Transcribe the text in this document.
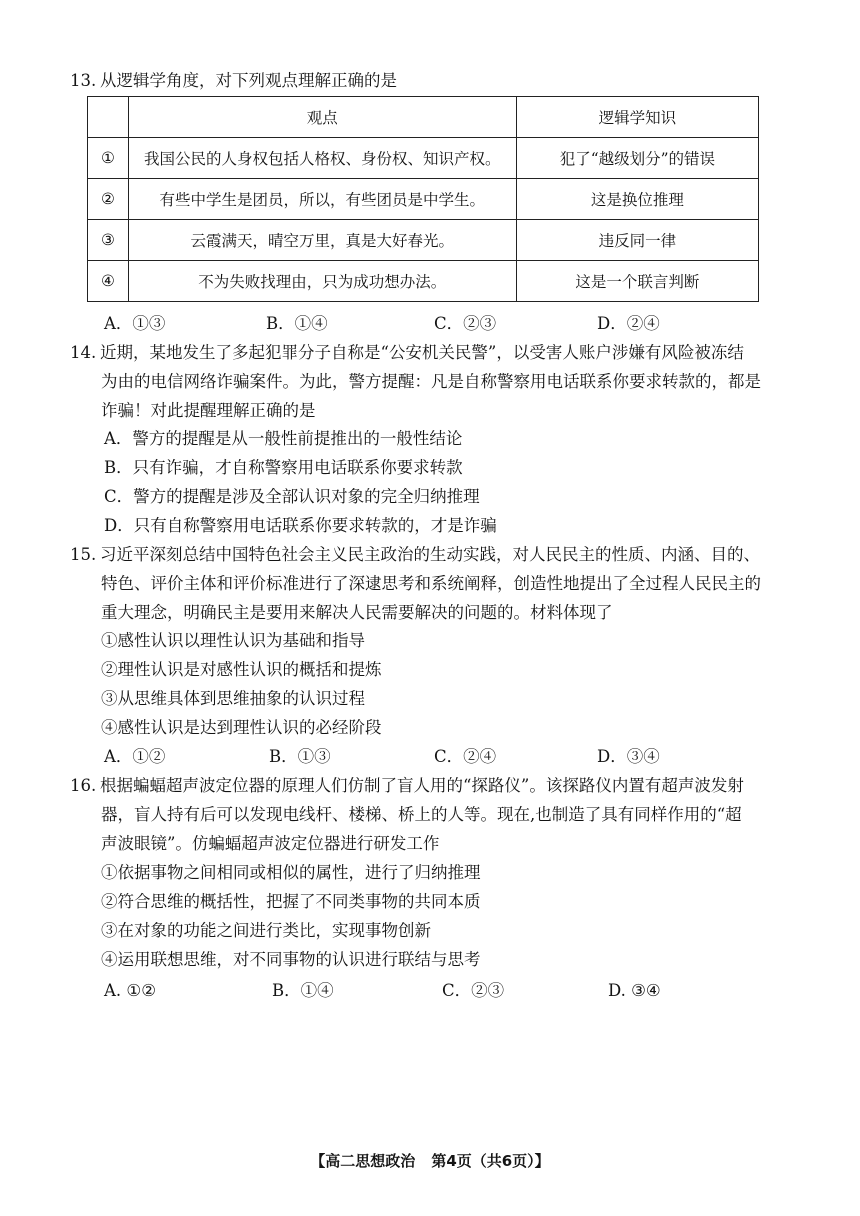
13. 从逻辑学角度，对下列观点理解正确的是
	观点	逻辑学知识
①	我国公民的人身权包括人格权、身份权、知识产权。	犯了“越级划分”的错误
②	有些中学生是团员，所以，有些团员是中学生。	这是换位推理
③	云霞满天，晴空万里，真是大好春光。	违反同一律
④	不为失败找理由，只为成功想办法。	这是一个联言判断
A．①③	B．①④	C．②③	D．②④
14. 近期，某地发生了多起犯罪分子自称是“公安机关民警”，以受害人账户涉嫌有风险被冻结
为由的电信网络诈骗案件。为此，警方提醒：凡是自称警察用电话联系你要求转款的，都是
诈骗！对此提醒理解正确的是
A．警方的提醒是从一般性前提推出的一般性结论
B．只有诈骗，才自称警察用电话联系你要求转款
C．警方的提醒是涉及全部认识对象的完全归纳推理
D．只有自称警察用电话联系你要求转款的，才是诈骗
15. 习近平深刻总结中国特色社会主义民主政治的生动实践，对人民民主的性质、内涵、目的、
特色、评价主体和评价标准进行了深逮思考和系统阐释，创造性地提出了全过程人民民主的
重大理念，明确民主是要用来解决人民需要解决的问题的。材料体现了
①感性认识以理性认识为基础和指导
②理性认识是对感性认识的概括和提炼
③从思维具体到思维抽象的认识过程
④感性认识是达到理性认识的必经阶段
A．①②	B．①③	C．②④	D．③④
16. 根据蝙蝠超声波定位器的原理人们仿制了盲人用的“探路仪”。该探路仪内置有超声波发射
器，盲人持有后可以发现电线杆、楼梯、桥上的人等。现在,也制造了具有同样作用的“超
声波眼镜”。仿蝙蝠超声波定位器进行研发工作
①依据事物之间相同或相似的属性，进行了归纳推理
②符合思维的概括性，把握了不同类事物的共同本质
③在对象的功能之间进行类比，实现事物创新
④运用联想思维，对不同事物的认识进行联结与思考
A. ①②	B．①④	C．②③	D. ③④
【高二思想政治 第4页（共6页）】
